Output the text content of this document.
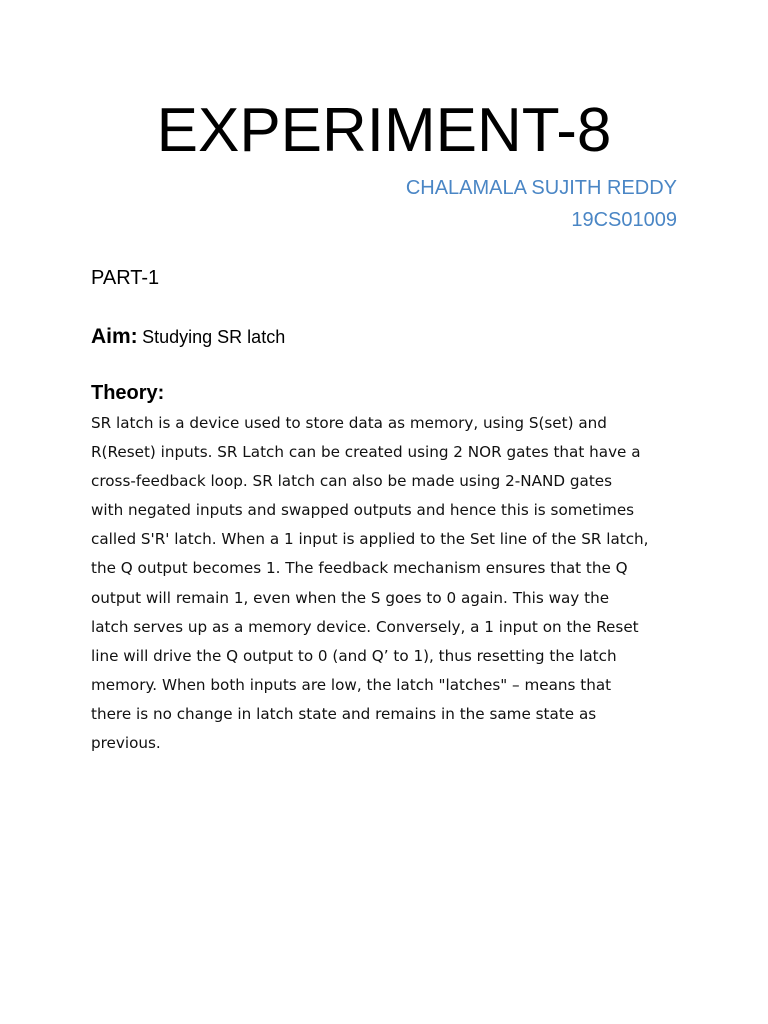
EXPERIMENT-8

CHALAMALA SUJITH REDDY

19CS01009

PART-1

Aim: Studying SR latch

Theory:
SR latch is a device used to store data as memory, using S(set) and
R(Reset) inputs. SR Latch can be created using 2 NOR gates that have a
cross-feedback loop. SR latch can also be made using 2-NAND gates
with negated inputs and swapped outputs and hence this is sometimes
called S'R' latch. When a 1 input is applied to the Set line of the SR latch,
the Q output becomes 1. The feedback mechanism ensures that the Q
output will remain 1, even when the S goes to 0 again. This way the
latch serves up as a memory device. Conversely, a 1 input on the Reset
line will drive the Q output to 0 (and Q’ to 1), thus resetting the latch
memory. When both inputs are low, the latch "latches" – means that
there is no change in latch state and remains in the same state as
previous.
